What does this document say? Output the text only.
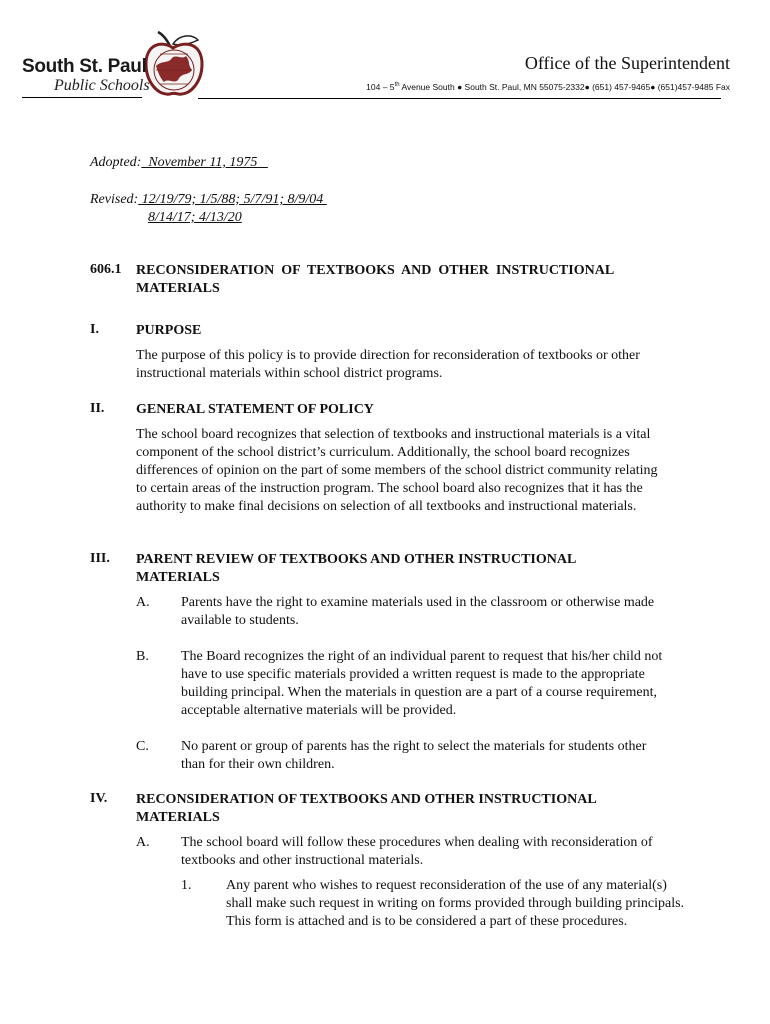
South St. Paul
Public Schools
Office of the Superintendent
104 – 5th Avenue South ● South St. Paul, MN 55075-2332● (651) 457-9465● (651)457-9485 Fax
Adopted:  November 11, 1975
Revised: 12/19/79; 1/5/88; 5/7/91; 8/9/04
8/14/17; 4/13/20
606.1 RECONSIDERATION  OF  TEXTBOOKS  AND  OTHER  INSTRUCTIONAL
MATERIALS
I.	PURPOSE
The purpose of this policy is to provide direction for reconsideration of textbooks or other instructional materials within school district programs.
II. GENERAL STATEMENT OF POLICY
The school board recognizes that selection of textbooks and instructional materials is a vital component of the school district’s curriculum. Additionally, the school board recognizes differences of opinion on the part of some members of the school district community relating to certain areas of the instruction program. The school board also recognizes that it has the authority to make final decisions on selection of all textbooks and instructional materials.
III. PARENT REVIEW OF TEXTBOOKS AND OTHER INSTRUCTIONAL
MATERIALS
A. Parents have the right to examine materials used in the classroom or otherwise made available to students.
B. The Board recognizes the right of an individual parent to request that his/her child not have to use specific materials provided a written request is made to the appropriate building principal. When the materials in question are a part of a course requirement, acceptable alternative materials will be provided.
C. No parent or group of parents has the right to select the materials for students other than for their own children.
IV. RECONSIDERATION OF TEXTBOOKS AND OTHER INSTRUCTIONAL
MATERIALS
A. The school board will follow these procedures when dealing with reconsideration of textbooks and other instructional materials.
1. Any parent who wishes to request reconsideration of the use of any material(s) shall make such request in writing on forms provided through building principals. This form is attached and is to be considered a part of these procedures.
